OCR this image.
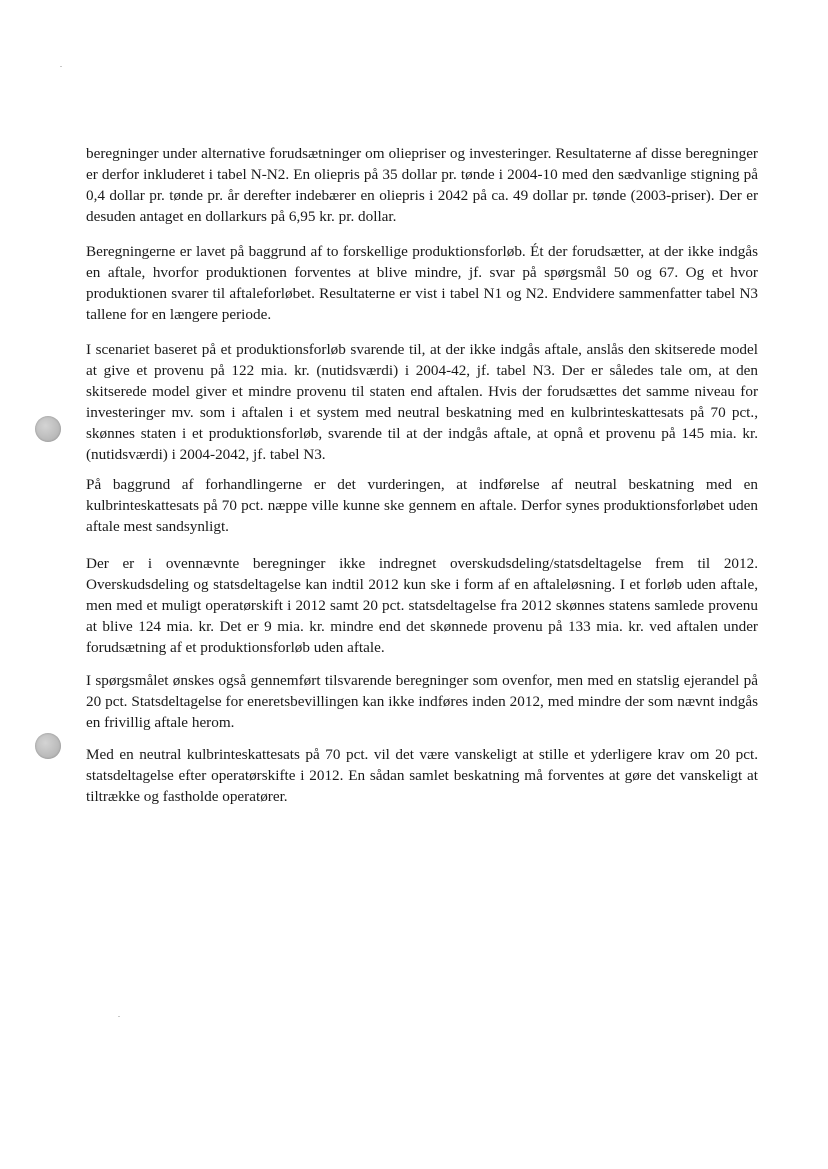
beregninger under alternative forudsætninger om oliepriser og investeringer. Resultaterne af disse beregninger er derfor inkluderet i tabel N-N2. En oliepris på 35 dollar pr. tønde i 2004-10 med den sædvanlige stigning på 0,4 dollar pr. tønde pr. år derefter indebærer en oliepris i 2042 på ca. 49 dollar pr. tønde (2003-priser). Der er desuden antaget en dollarkurs på 6,95 kr. pr. dollar.

Beregningerne er lavet på baggrund af to forskellige produktionsforløb. Ét der forudsætter, at der ikke indgås en aftale, hvorfor produktionen forventes at blive mindre, jf. svar på spørgsmål 50 og 67. Og et hvor produktionen svarer til aftaleforløbet. Resultaterne er vist i tabel N1 og N2. Endvidere sammenfatter tabel N3 tallene for en længere periode.

I scenariet baseret på et produktionsforløb svarende til, at der ikke indgås aftale, anslås den skitserede model at give et provenu på 122 mia. kr. (nutidsværdi) i 2004-42, jf. tabel N3. Der er således tale om, at den skitserede model giver et mindre provenu til staten end aftalen. Hvis der forudsættes det samme niveau for investeringer mv. som i aftalen i et system med neutral beskatning med en kulbrinteskattesats på 70 pct., skønnes staten i et produktionsforløb, svarende til at der indgås aftale, at opnå et provenu på 145 mia. kr. (nutidsværdi) i 2004-2042, jf. tabel N3.

På baggrund af forhandlingerne er det vurderingen, at indførelse af neutral beskatning med en kulbrinteskattesats på 70 pct. næppe ville kunne ske gennem en aftale. Derfor synes produktionsforløbet uden aftale mest sandsynligt.

Der er i ovennævnte beregninger ikke indregnet overskudsdeling/statsdeltagelse frem til 2012. Overskudsdeling og statsdeltagelse kan indtil 2012 kun ske i form af en aftaleløsning. I et forløb uden aftale, men med et muligt operatørskift i 2012 samt 20 pct. statsdeltagelse fra 2012 skønnes statens samlede provenu at blive 124 mia. kr. Det er 9 mia. kr. mindre end det skønnede provenu på 133 mia. kr. ved aftalen under forudsætning af et produktionsforløb uden aftale.

I spørgsmålet ønskes også gennemført tilsvarende beregninger som ovenfor, men med en statslig ejerandel på 20 pct. Statsdeltagelse for eneretsbevillingen kan ikke indføres inden 2012, med mindre der som nævnt indgås en frivillig aftale herom.

Med en neutral kulbrinteskattesats på 70 pct. vil det være vanskeligt at stille et yderligere krav om 20 pct. statsdeltagelse efter operatørskifte i 2012. En sådan samlet beskatning må forventes at gøre det vanskeligt at tiltrække og fastholde operatører.
